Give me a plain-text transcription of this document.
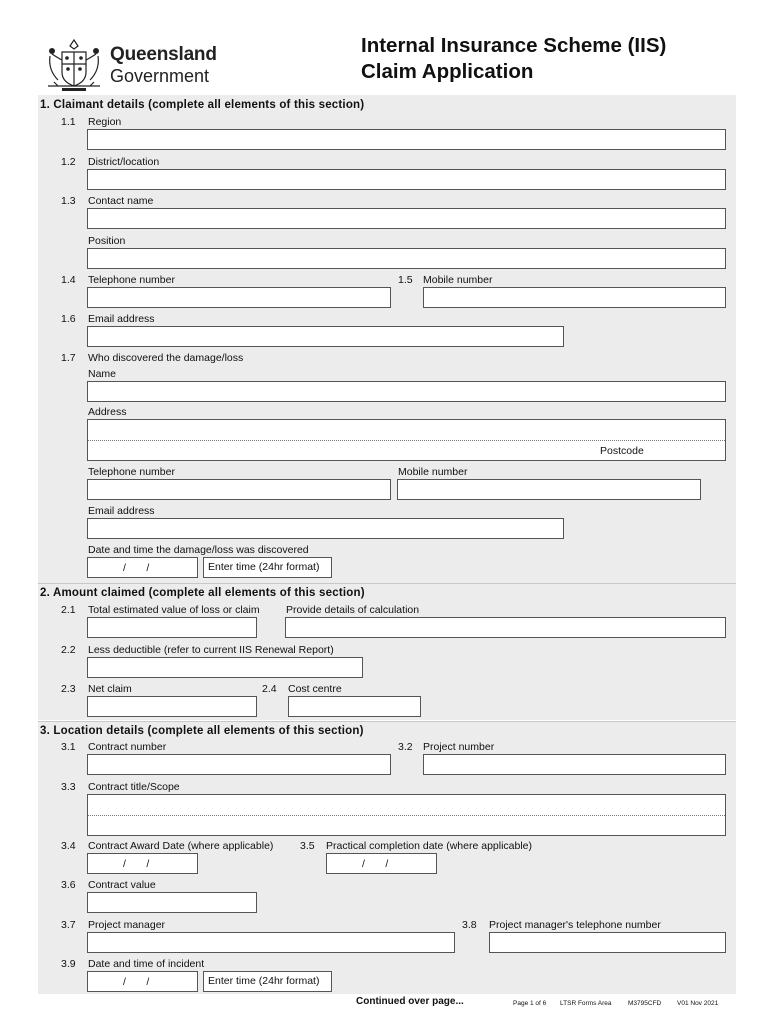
Queensland
Government
Internal Insurance Scheme (IIS)
Claim Application
1. Claimant details (complete all elements of this section)
1.1 Region
1.2 District/location
1.3 Contact name
Position
1.4 Telephone number	1.5 Mobile number
1.6 Email address
1.7 Who discovered the damage/loss
Name
Address
Postcode
Telephone number	Mobile number
Email address
Date and time the damage/loss was discovered
/       /	Enter time (24hr format)
2. Amount claimed (complete all elements of this section)
2.1 Total estimated value of loss or claim	Provide details of calculation
2.2 Less deductible (refer to current IIS Renewal Report)
2.3 Net claim	2.4 Cost centre
3. Location details (complete all elements of this section)
3.1 Contract number	3.2 Project number
3.3 Contract title/Scope
3.4 Contract Award Date (where applicable)
/       /
3.5 Practical completion date (where applicable)
/       /
3.6 Contract value
3.7 Project manager	3.8 Project manager's telephone number
3.9 Date and time of incident
/       /	Enter time (24hr format)
Continued over page...	Page 1 of 6 LTSR Forms Area	M3795CFD V01 Nov 2021
